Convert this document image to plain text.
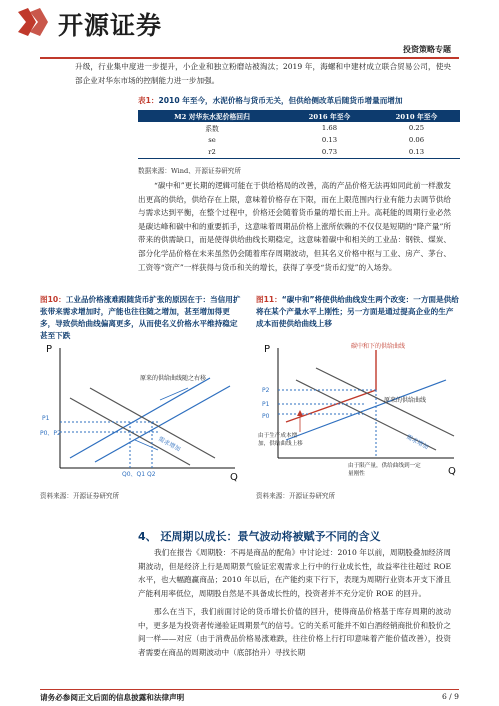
开源证券
投资策略专题
升级，行业集中度进一步提升，小企业和独立粉磨站被淘汰；2019 年，海螺和中建材成立联合贸易公司，使央部企业对华东市场的控制能力进一步加强。
表1：2010 年至今，水泥价格与货币无关，但供给侧改革后随货币增量而增加
M2 对华东水泥价格回归	2016 年至今	2010 年至今
系数	1.68	0.25
se	0.13	0.06
r2	0.73	0.13
数据来源：Wind、开源证券研究所
“碳中和”更长期的逻辑可能在于供给格局的改善，高的产品价格无法再如同此前一样激发出更高的供给，供给存在上限，意味着价格存在下限，而在上限范围内行业有能力去调节供给与需求达到平衡，在整个过程中，价格还会随着货币量的增长而上升。高耗能的周期行业必然是碳达峰和碳中和的重要抓手，这意味着周期品价格上涨所依赖的不仅仅是短期的“降产量”所带来的供需缺口，而是使得供给曲线长期稳定，这意味着碳中和相关的工业品：钢铁、煤炭、部分化学品价格在未来虽然仍会随着库存周期波动，但其名义价格中枢与工业、房产、茅台、工资等“资产”一样获得与货币和关的增长，获得了享受“货币幻觉”的入场券。
图10：工业品价格涨难跟随货币扩张的原因在于：当信用扩张带来需求增加时，产能也往往随之增加，甚至增加得更多，导致供给曲线偏离更多，从而使名义价格水平维持稳定甚至下跌
图11：“碳中和”将使供给曲线发生两个改变：一方面是供给将在某个产量水平上刚性；另一方面是通过提高企业的生产成本而使供给曲线上移
P
Q
原来的供给曲线随之右移
需求增加
P1
P0、P2
Q0、Q1 Q2
资料来源：开源证券研究所
P
Q
碳中和下的供给曲线
原来的供给曲线
需求增加
P2
P1
P0
由于生产成本增加，供给曲线上移
由于限产量，供给曲线到一定量刚性
资料来源：开源证券研究所
4、 还周期以成长：景气波动将被赋予不同的含义
我们在报告《周期股：不再是商品的配角》中讨论过：2010 年以前，周期股叠加经济周期波动，但是经济上行是周期景气验证宏观需求上行中的行业成长性，故益率往往超过 ROE 水平，也大幅跑赢商品；2010 年以后，在产能约束下行下，表现为周期行业资本开支下滑且产能利用率低位，周期股自然是不具备成长性的，投资者并不充分定价 ROE 的回升。
那么在当下，我们前面讨论的货币增长价值的回升，使得商品价格基于库存周期的波动中，更多是为投资者传递验证周期景气的信号。它的关系可能并不如白酒经销商批价和股价之间一样——对应（由于消费品价格易涨难跌，往往价格上行打印意味着产能价值改善），投资者需要在商品的周期波动中（底部抬升）寻找长期
请务必参阅正文后面的信息披露和法律声明	6 / 9
